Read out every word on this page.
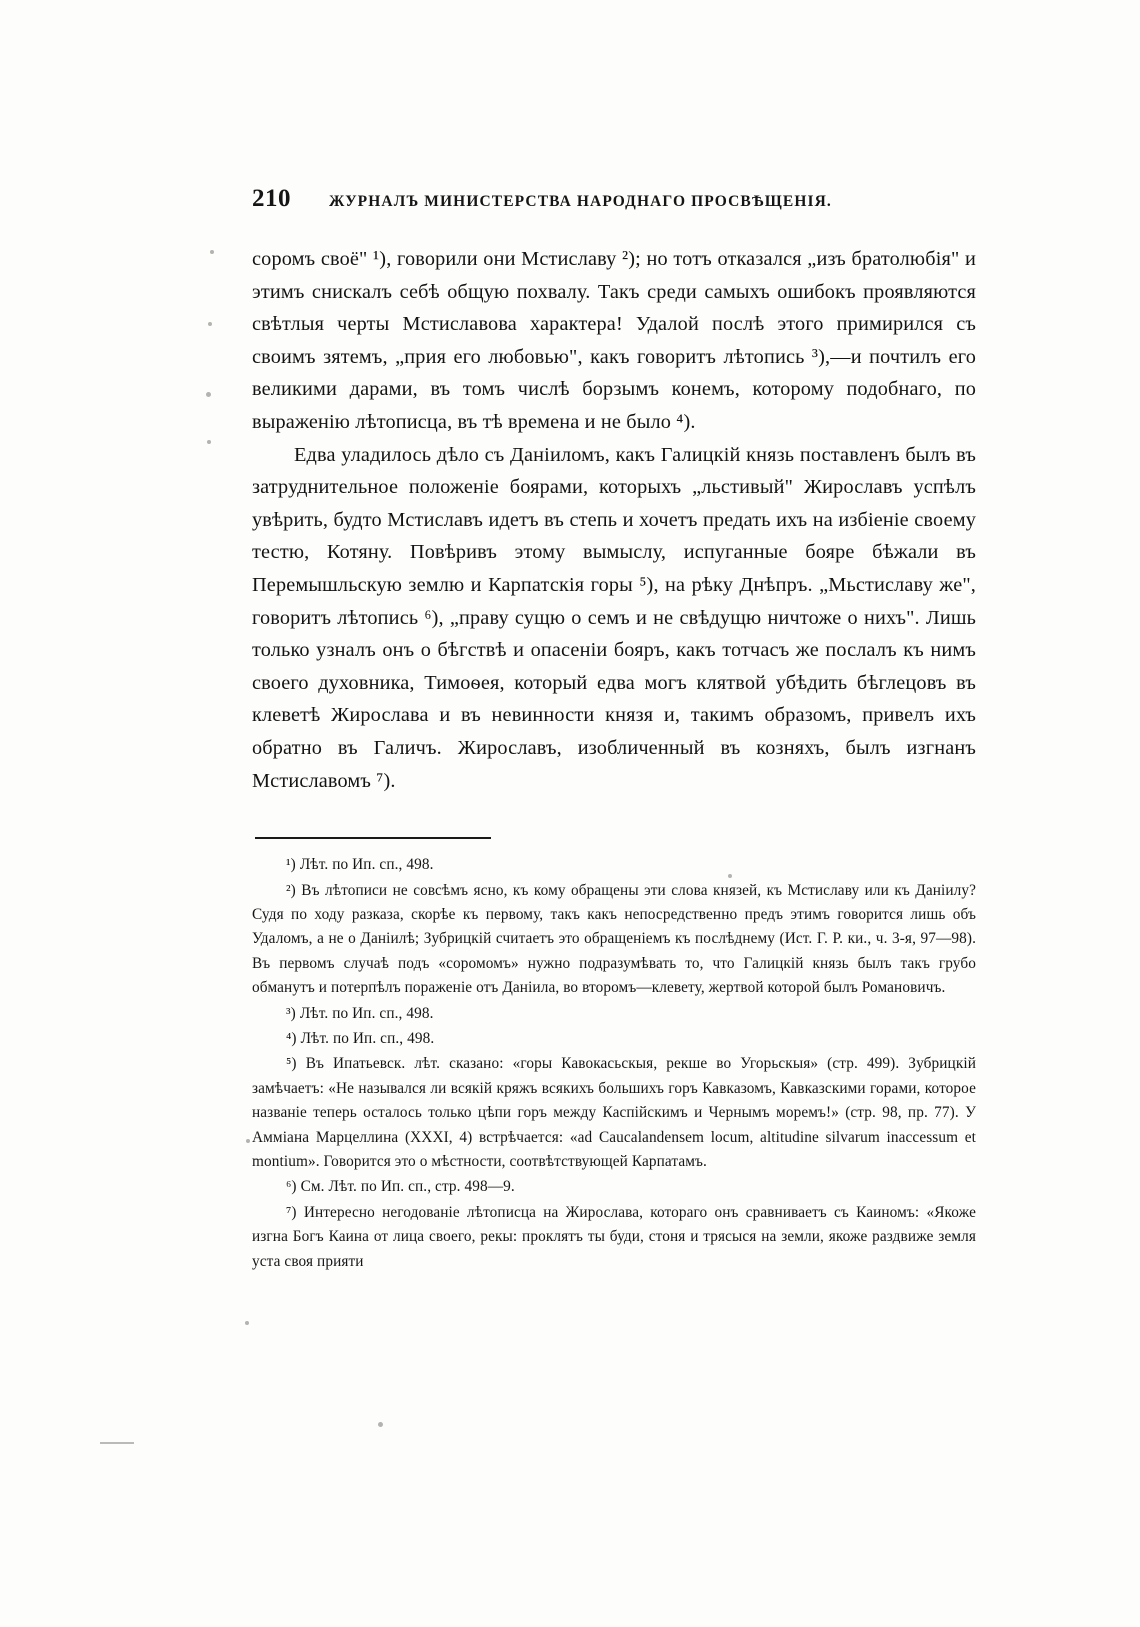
210 ЖУРНАЛЪ МИНИСТЕРСТВА НАРОДНАГО ПРОСВѢЩЕНІЯ.

соромъ своё" ¹), говорили они Мстиславу ²); но тотъ отказался „изъ братолюбія" и этимъ снискалъ себѣ общую похвалу. Такъ среди самыхъ ошибокъ проявляются свѣтлыя черты Мстиславова характера! Удалой послѣ этого примирился съ своимъ зятемъ, „прия его любовью", какъ говоритъ лѣтопись ³),—и почтилъ его великими дарами, въ томъ числѣ борзымъ конемъ, которому подобнаго, по выраженію лѣтописца, въ тѣ времена и не было ⁴).

Едва уладилось дѣло съ Даніиломъ, какъ Галицкій князь поставленъ былъ въ затруднительное положеніе боярами, которыхъ „льстивый" Жирославъ успѣлъ увѣрить, будто Мстиславъ идетъ въ степь и хочетъ предать ихъ на избіеніе своему тестю, Котяну. Повѣривъ этому вымыслу, испуганные бояре бѣжали въ Перемышльскую землю и Карпатскія горы ⁵), на рѣку Днѣпръ. „Мьстиславу же", говоритъ лѣтопись ⁶), „праву сущю о семъ и не свѣдущю ничтоже о нихъ". Лишь только узналъ онъ о бѣгствѣ и опасеніи бояръ, какъ тотчасъ же послалъ къ нимъ своего духовника, Тимоѳея, который едва могъ клятвой убѣдить бѣглецовъ въ клеветѣ Жирослава и въ невинности князя и, такимъ образомъ, привелъ ихъ обратно въ Галичъ. Жирославъ, изобличенный въ козняхъ, былъ изгнанъ Мстиславомъ ⁷).

¹) Лѣт. по Ип. сп., 498.

²) Въ лѣтописи не совсѣмъ ясно, къ кому обращены эти слова князей, къ Мстиславу или къ Даніилу? Судя по ходу разказа, скорѣе къ первому, такъ какъ непосредственно предъ этимъ говорится лишь объ Удаломъ, а не о Даніилѣ; Зубрицкій считаетъ это обращеніемъ къ послѣднему (Ист. Г. Р. ки., ч. 3-я, 97—98). Въ первомъ случаѣ подъ «соромомъ» нужно подразумѣвать то, что Галицкій князь былъ такъ грубо обманутъ и потерпѣлъ пораженіе отъ Даніила, во второмъ—клевету, жертвой которой былъ Романовичъ.

³) Лѣт. по Ип. сп., 498.

⁴) Лѣт. по Ип. сп., 498.

⁵) Въ Ипатьевск. лѣт. сказано: «горы Кавокасьскыя, рекше во Угорьскыя» (стр. 499). Зубрицкій замѣчаетъ: «Не назывался ли всякій кряжъ всякихъ большихъ горъ Кавказомъ, Кавказскими горами, которое названіе теперь осталось только цѣпи горъ между Каспійскимъ и Чернымъ моремъ!» (стр. 98, пр. 77). У Аммiана Марцеллина (XXXI, 4) встрѣчается: «ad Caucalandensem locum, altitudine silvarum inaccessum et montium». Говорится это о мѣстности, соотвѣтствующей Карпатамъ.

⁶) См. Лѣт. по Ип. сп., стр. 498—9.

⁷) Интересно негодованіе лѣтописца на Жирослава, котораго онъ сравниваетъ съ Каиномъ: «Якоже изгна Богъ Каина от лица своего, рекы: проклятъ ты буди, стоня и трясыся на земли, якоже раздвиже земля уста своя прияти
